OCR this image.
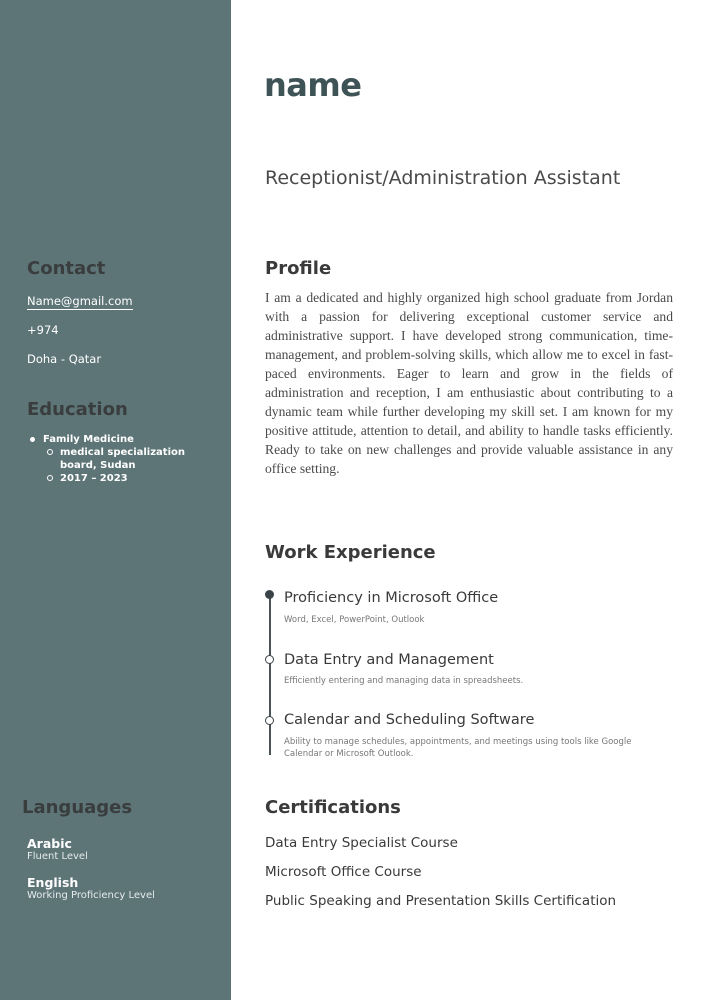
Contact
Name@gmail.com
+974
Doha - Qatar
Education
Family Medicine
medical specialization board, Sudan
2017 – 2023
Languages
Arabic
Fluent Level
English
Working Proficiency Level
name
Receptionist/Administration Assistant
Profile

I am a dedicated and highly organized high school graduate from Jordan with a passion for delivering exceptional customer service and administrative support. I have developed strong communication, time-management, and problem-solving skills, which allow me to excel in fast-paced environments. Eager to learn and grow in the fields of administration and reception, I am enthusiastic about contributing to a dynamic team while further developing my skill set. I am known for my positive attitude, attention to detail, and ability to handle tasks efficiently. Ready to take on new challenges and provide valuable assistance in any office setting.

Work Experience
Proficiency in Microsoft Office
Word, Excel, PowerPoint, Outlook
Data Entry and Management
Efficiently entering and managing data in spreadsheets.
Calendar and Scheduling Software
Ability to manage schedules, appointments, and meetings using tools like Google Calendar or Microsoft Outlook.
Certifications
Data Entry Specialist Course
Microsoft Office Course
Public Speaking and Presentation Skills Certification
